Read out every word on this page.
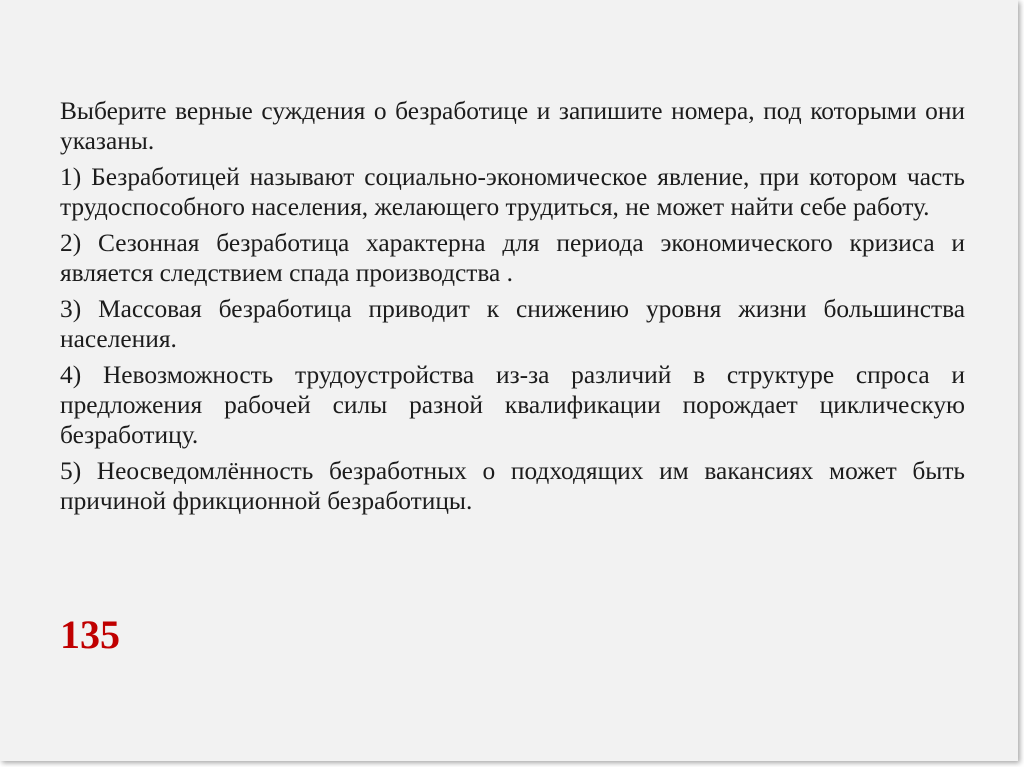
Выберите верные суждения о безработице и запишите номера, под которыми они указаны.

1) Безработицей называют социально-экономическое явление, при котором часть трудоспособного населения, желающего трудиться, не может найти себе работу.

2) Сезонная безработица характерна для периода экономического кризиса и является следствием спада производства .

3) Массовая безработица приводит к снижению уровня жизни большинства населения.

4) Невозможность трудоустройства из-за различий в структуре спроса и предложения рабочей силы разной квалификации порождает циклическую безработицу.

5) Неосведомлённость безработных о подходящих им вакансиях может быть причиной фрикционной безработицы.

135
